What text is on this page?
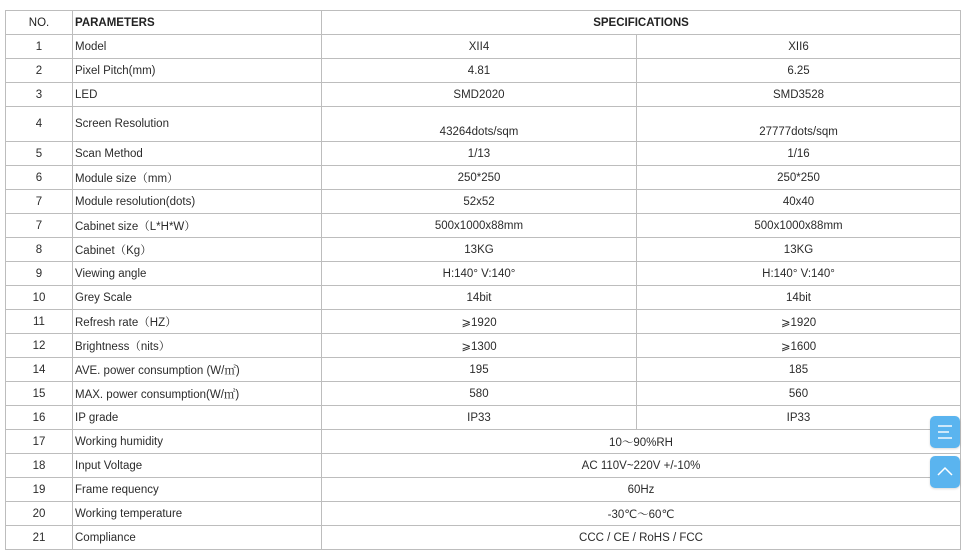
NO.	PARAMETERS	SPECIFICATIONS	
1	Model	XII4	XII6
2	Pixel Pitch(mm)	4.81	6.25
3	LED	SMD2020	SMD3528
4	Screen Resolution	43264dots/sqm	27777dots/sqm
5	Scan Method	1/13	1/16
6	Module size（mm）	250*250	250*250
7	Module resolution(dots)	52x52	40x40
7	Cabinet size（L*H*W）	500x1000x88mm	500x1000x88mm
8	Cabinet（Kg）	13KG	13KG
9	Viewing angle	H:140° V:140°	H:140° V:140°
10	Grey Scale	14bit	14bit
11	Refresh rate（HZ）	⩾1920	⩾1920
12	Brightness（nits）	⩾1300	⩾1600
14	AVE. power consumption (W/㎡)	195	185
15	MAX. power consumption(W/㎡)	580	560
16	IP grade	IP33	IP33
17	Working humidity	10～90%RH	
18	Input Voltage	AC 110V~220V +/-10%	
19	Frame requency	60Hz	
20	Working temperature	-30℃～60℃	
21	Compliance	CCC / CE / RoHS / FCC	
